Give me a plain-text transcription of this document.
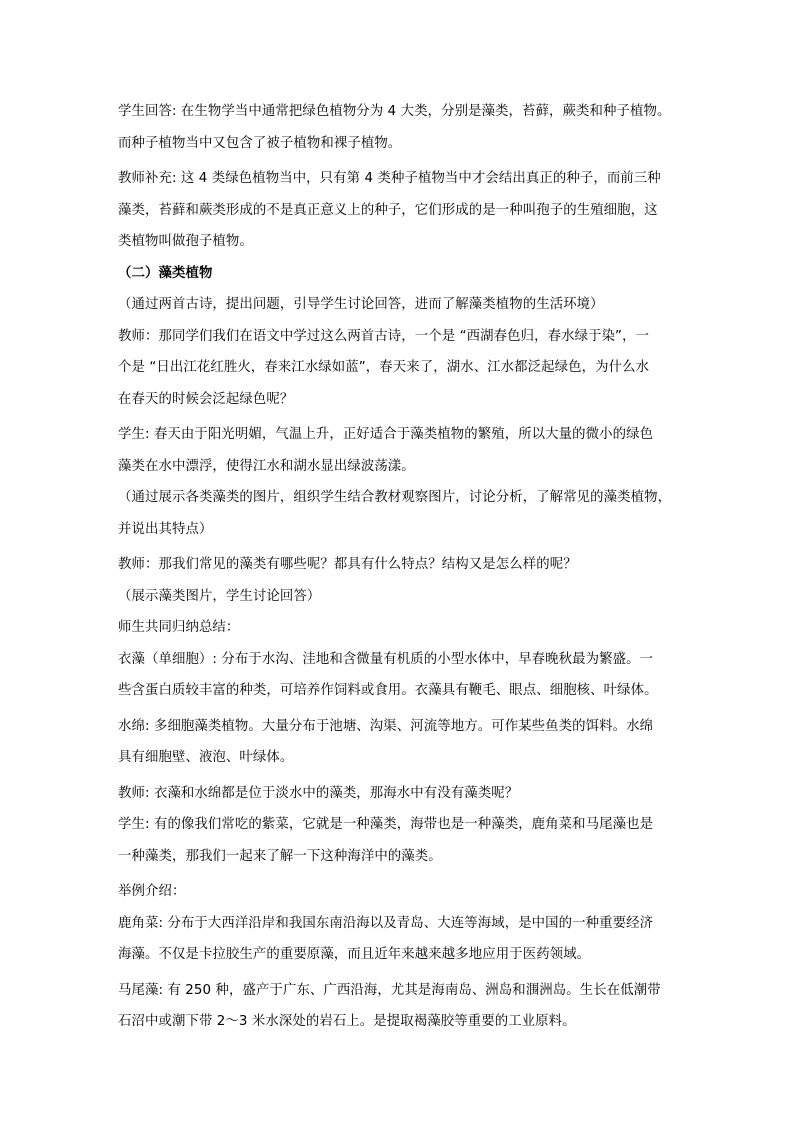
学生回答: 在生物学当中通常把绿色植物分为 4 大类，分别是藻类，苔藓，蕨类和种子植物。
而种子植物当中又包含了被子植物和裸子植物。
教师补充: 这 4 类绿色植物当中，只有第 4 类种子植物当中才会结出真正的种子，而前三种
藻类，苔藓和蕨类形成的不是真正意义上的种子，它们形成的是一种叫孢子的生殖细胞，这
类植物叫做孢子植物。
（二）藻类植物
（通过两首古诗，提出问题，引导学生讨论回答，进而了解藻类植物的生活环境）
教师：那同学们我们在语文中学过这么两首古诗，一个是 “西湖春色归，春水绿于染”，一
个是 “日出江花红胜火，春来江水绿如蓝”，春天来了，湖水、江水都泛起绿色，为什么水
在春天的时候会泛起绿色呢？
学生: 春天由于阳光明媚，气温上升，正好适合于藻类植物的繁殖，所以大量的微小的绿色
藻类在水中漂浮，使得江水和湖水显出绿波荡漾。
（通过展示各类藻类的图片，组织学生结合教材观察图片，讨论分析，了解常见的藻类植物，
并说出其特点）
教师：那我们常见的藻类有哪些呢？都具有什么特点？结构又是怎么样的呢？
（展示藻类图片，学生讨论回答）
师生共同归纳总结：
衣藻（单细胞）: 分布于水沟、洼地和含微量有机质的小型水体中，早春晚秋最为繁盛。一
些含蛋白质较丰富的种类，可培养作饲料或食用。衣藻具有鞭毛、眼点、细胞核、叶绿体。
水绵: 多细胞藻类植物。大量分布于池塘、沟渠、河流等地方。可作某些鱼类的饵料。水绵
具有细胞壁、液泡、叶绿体。
教师: 衣藻和水绵都是位于淡水中的藻类，那海水中有没有藻类呢？
学生: 有的像我们常吃的紫菜，它就是一种藻类，海带也是一种藻类，鹿角菜和马尾藻也是
一种藻类，那我们一起来了解一下这种海洋中的藻类。
举例介绍：
鹿角菜: 分布于大西洋沿岸和我国东南沿海以及青岛、大连等海域，是中国的一种重要经济
海藻。不仅是卡拉胶生产的重要原藻，而且近年来越来越多地应用于医药领域。
马尾藻: 有 250 种，盛产于广东、广西沿海，尤其是海南岛、洲岛和涠洲岛。生长在低潮带
石沼中或潮下带 2～3 米水深处的岩石上。是提取褐藻胶等重要的工业原料。
